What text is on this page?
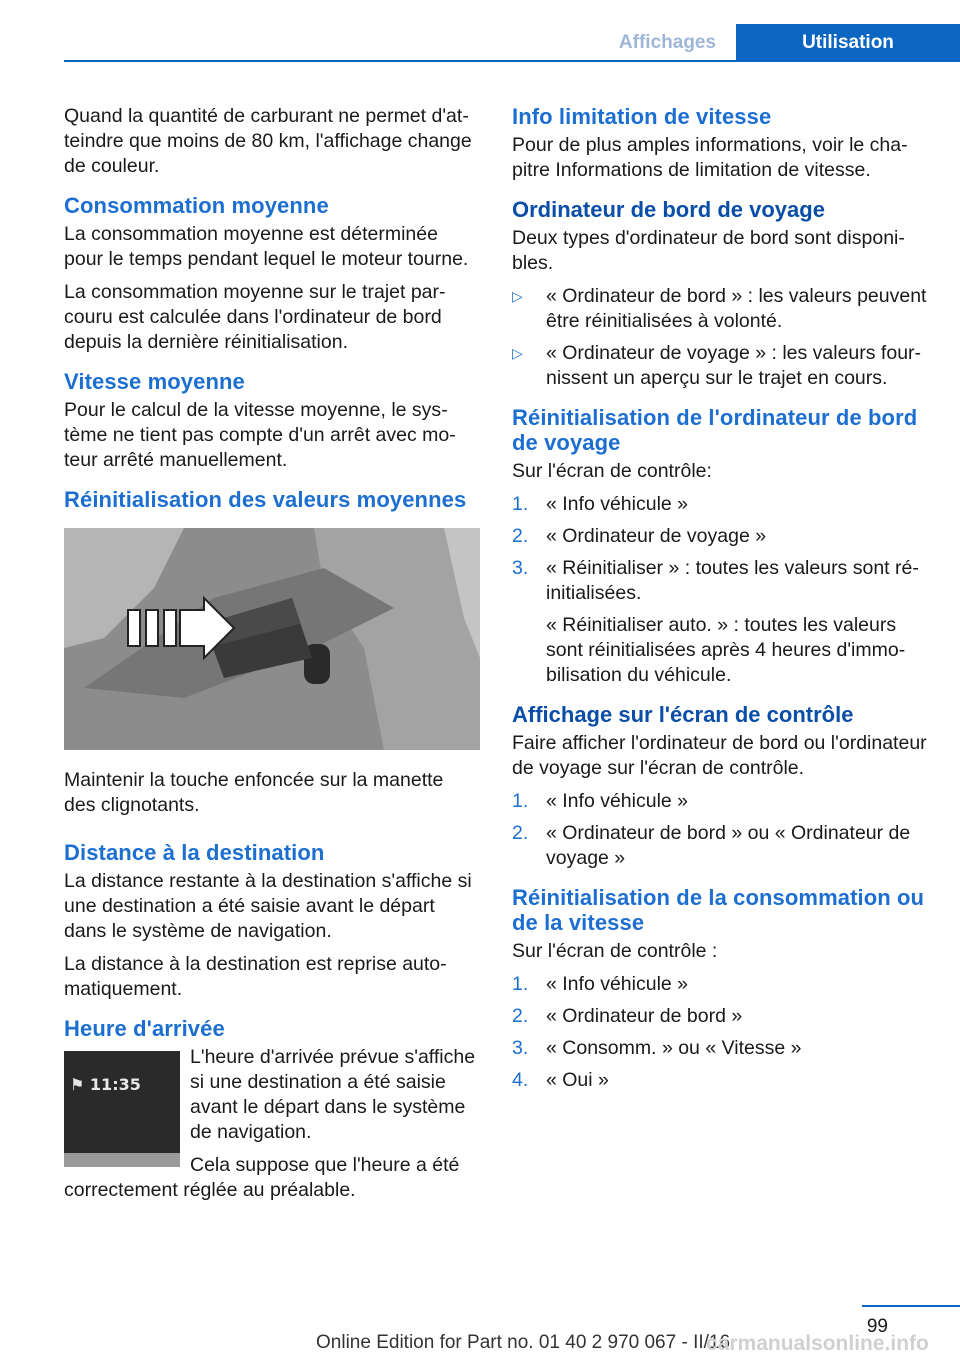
Affichages	Utilisation

Quand la quantité de carburant ne permet d'atteindre que moins de 80 km, l'affichage change de couleur.

Consommation moyenne

La consommation moyenne est déterminée pour le temps pendant lequel le moteur tourne.

La consommation moyenne sur le trajet parcouru est calculée dans l'ordinateur de bord depuis la dernière réinitialisation.

Vitesse moyenne

Pour le calcul de la vitesse moyenne, le système ne tient pas compte d'un arrêt avec moteur arrêté manuellement.

Réinitialisation des valeurs moyennes

Maintenir la touche enfoncée sur la manette des clignotants.

Distance à la destination

La distance restante à la destination s'affiche si une destination a été saisie avant le départ dans le système de navigation.

La distance à la destination est reprise automatiquement.

Heure d'arrivée
⚑ 11:35

L'heure d'arrivée prévue s'affiche si une destination a été saisie avant le départ dans le système de navigation.

Cela suppose que l'heure a été correctement réglée au préalable.

Info limitation de vitesse

Pour de plus amples informations, voir le chapitre Informations de limitation de vitesse.

Ordinateur de bord de voyage

Deux types d'ordinateur de bord sont disponibles.

▷ « Ordinateur de bord » : les valeurs peuvent être réinitialisées à volonté.
▷ « Ordinateur de voyage » : les valeurs fournissent un aperçu sur le trajet en cours.
Réinitialisation de l'ordinateur de bord de voyage

Sur l'écran de contrôle:

1. « Info véhicule »
2. « Ordinateur de voyage »
3. « Réinitialiser » : toutes les valeurs sont réinitialisées.
« Réinitialiser auto. » : toutes les valeurs sont réinitialisées après 4 heures d'immobilisation du véhicule.
Affichage sur l'écran de contrôle

Faire afficher l'ordinateur de bord ou l'ordinateur de voyage sur l'écran de contrôle.

1. « Info véhicule »
2. « Ordinateur de bord » ou « Ordinateur de voyage »
Réinitialisation de la consommation ou de la vitesse

Sur l'écran de contrôle :

1. « Info véhicule »
2. « Ordinateur de bord »
3. « Consomm. » ou « Vitesse »
4. « Oui »
99
Online Edition for Part no. 01 40 2 970 067 - II/16
carmanualsonline.info
